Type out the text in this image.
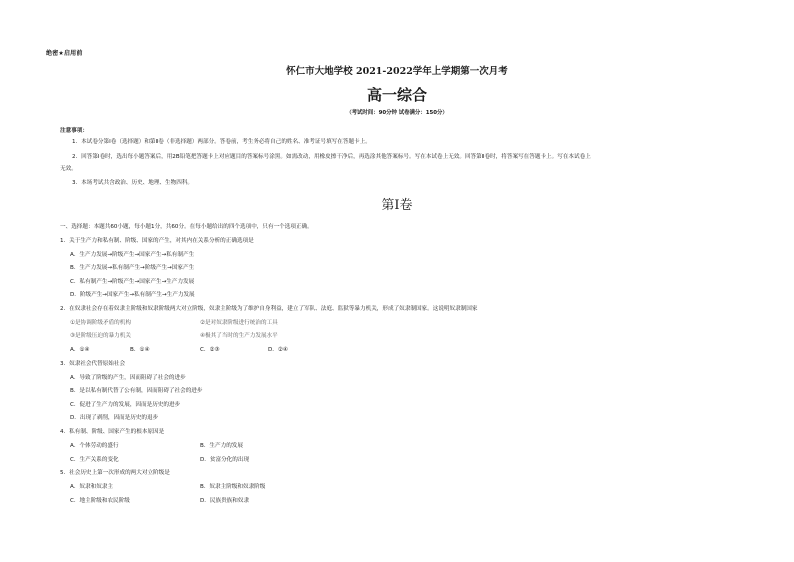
绝密★启用前
怀仁市大地学校 2021-2022学年上学期第一次月考
高一综合
（考试时间：90分钟 试卷满分：150分）
注意事项：
1．本试卷分第Ⅰ卷（选择题）和第Ⅱ卷（非选择题）两部分。答卷前，考生务必将自己的姓名、准考证号填写在答题卡上。
2．回答第Ⅰ卷时，选出每小题答案后，用2B铅笔把答题卡上对应题目的答案标号涂黑。如需改动，用橡皮擦干净后，再选涂其他答案标号。写在本试卷上无效。回答第Ⅱ卷时，将答案写在答题卡上。写在本试卷上
无效。
3．本场考试共含政治、历史、地理、生物四科。
第Ⅰ卷
一、选择题：本题共60小题，每小题1分，共60分。在每小题给出的四个选项中，只有一个选项正确。
1．关于生产力和私有制、阶级、国家的产生，对其内在关系分析的正确选项是
A．生产力发展→阶级产生→国家产生→私有制产生
B．生产力发展→私有制产生→阶级产生→国家产生
C．私有制产生→阶级产生→国家产生→生产力发展
D．阶级产生→国家产生→私有制产生→生产力发展
2．在奴隶社会存在着奴隶主阶级和奴隶阶级两大对立阶级，奴隶主阶级为了维护自身利益，建立了军队、法庭、监狱等暴力机关，形成了奴隶制国家。这说明奴隶制国家
①是协调阶级矛盾的机构	②是对奴隶阶级进行统治的工具
③是阶级压迫的暴力机关	④极其了当时的生产力发展水平
A．①④	B．①④	C．②③	D．②④
3．奴隶社会代替原始社会
A．导致了阶级的产生，因而阻碍了社会的进步
B．是以私有制代替了公有制，因而阻碍了社会的进步
C．促进了生产力的发展，因而是历史的进步
D．出现了剥削，因而是历史的退步
4．私有制、阶级、国家产生的根本原因是
A．个体劳动的盛行	B．生产力的发展
C．生产关系的变化	D．贫富分化的出现
5．社会历史上第一次形成的两大对立阶级是
A．奴隶和奴隶主	B．奴隶主阶级和奴隶阶级
C．地主阶级和农民阶级	D．民族贵族和奴隶
